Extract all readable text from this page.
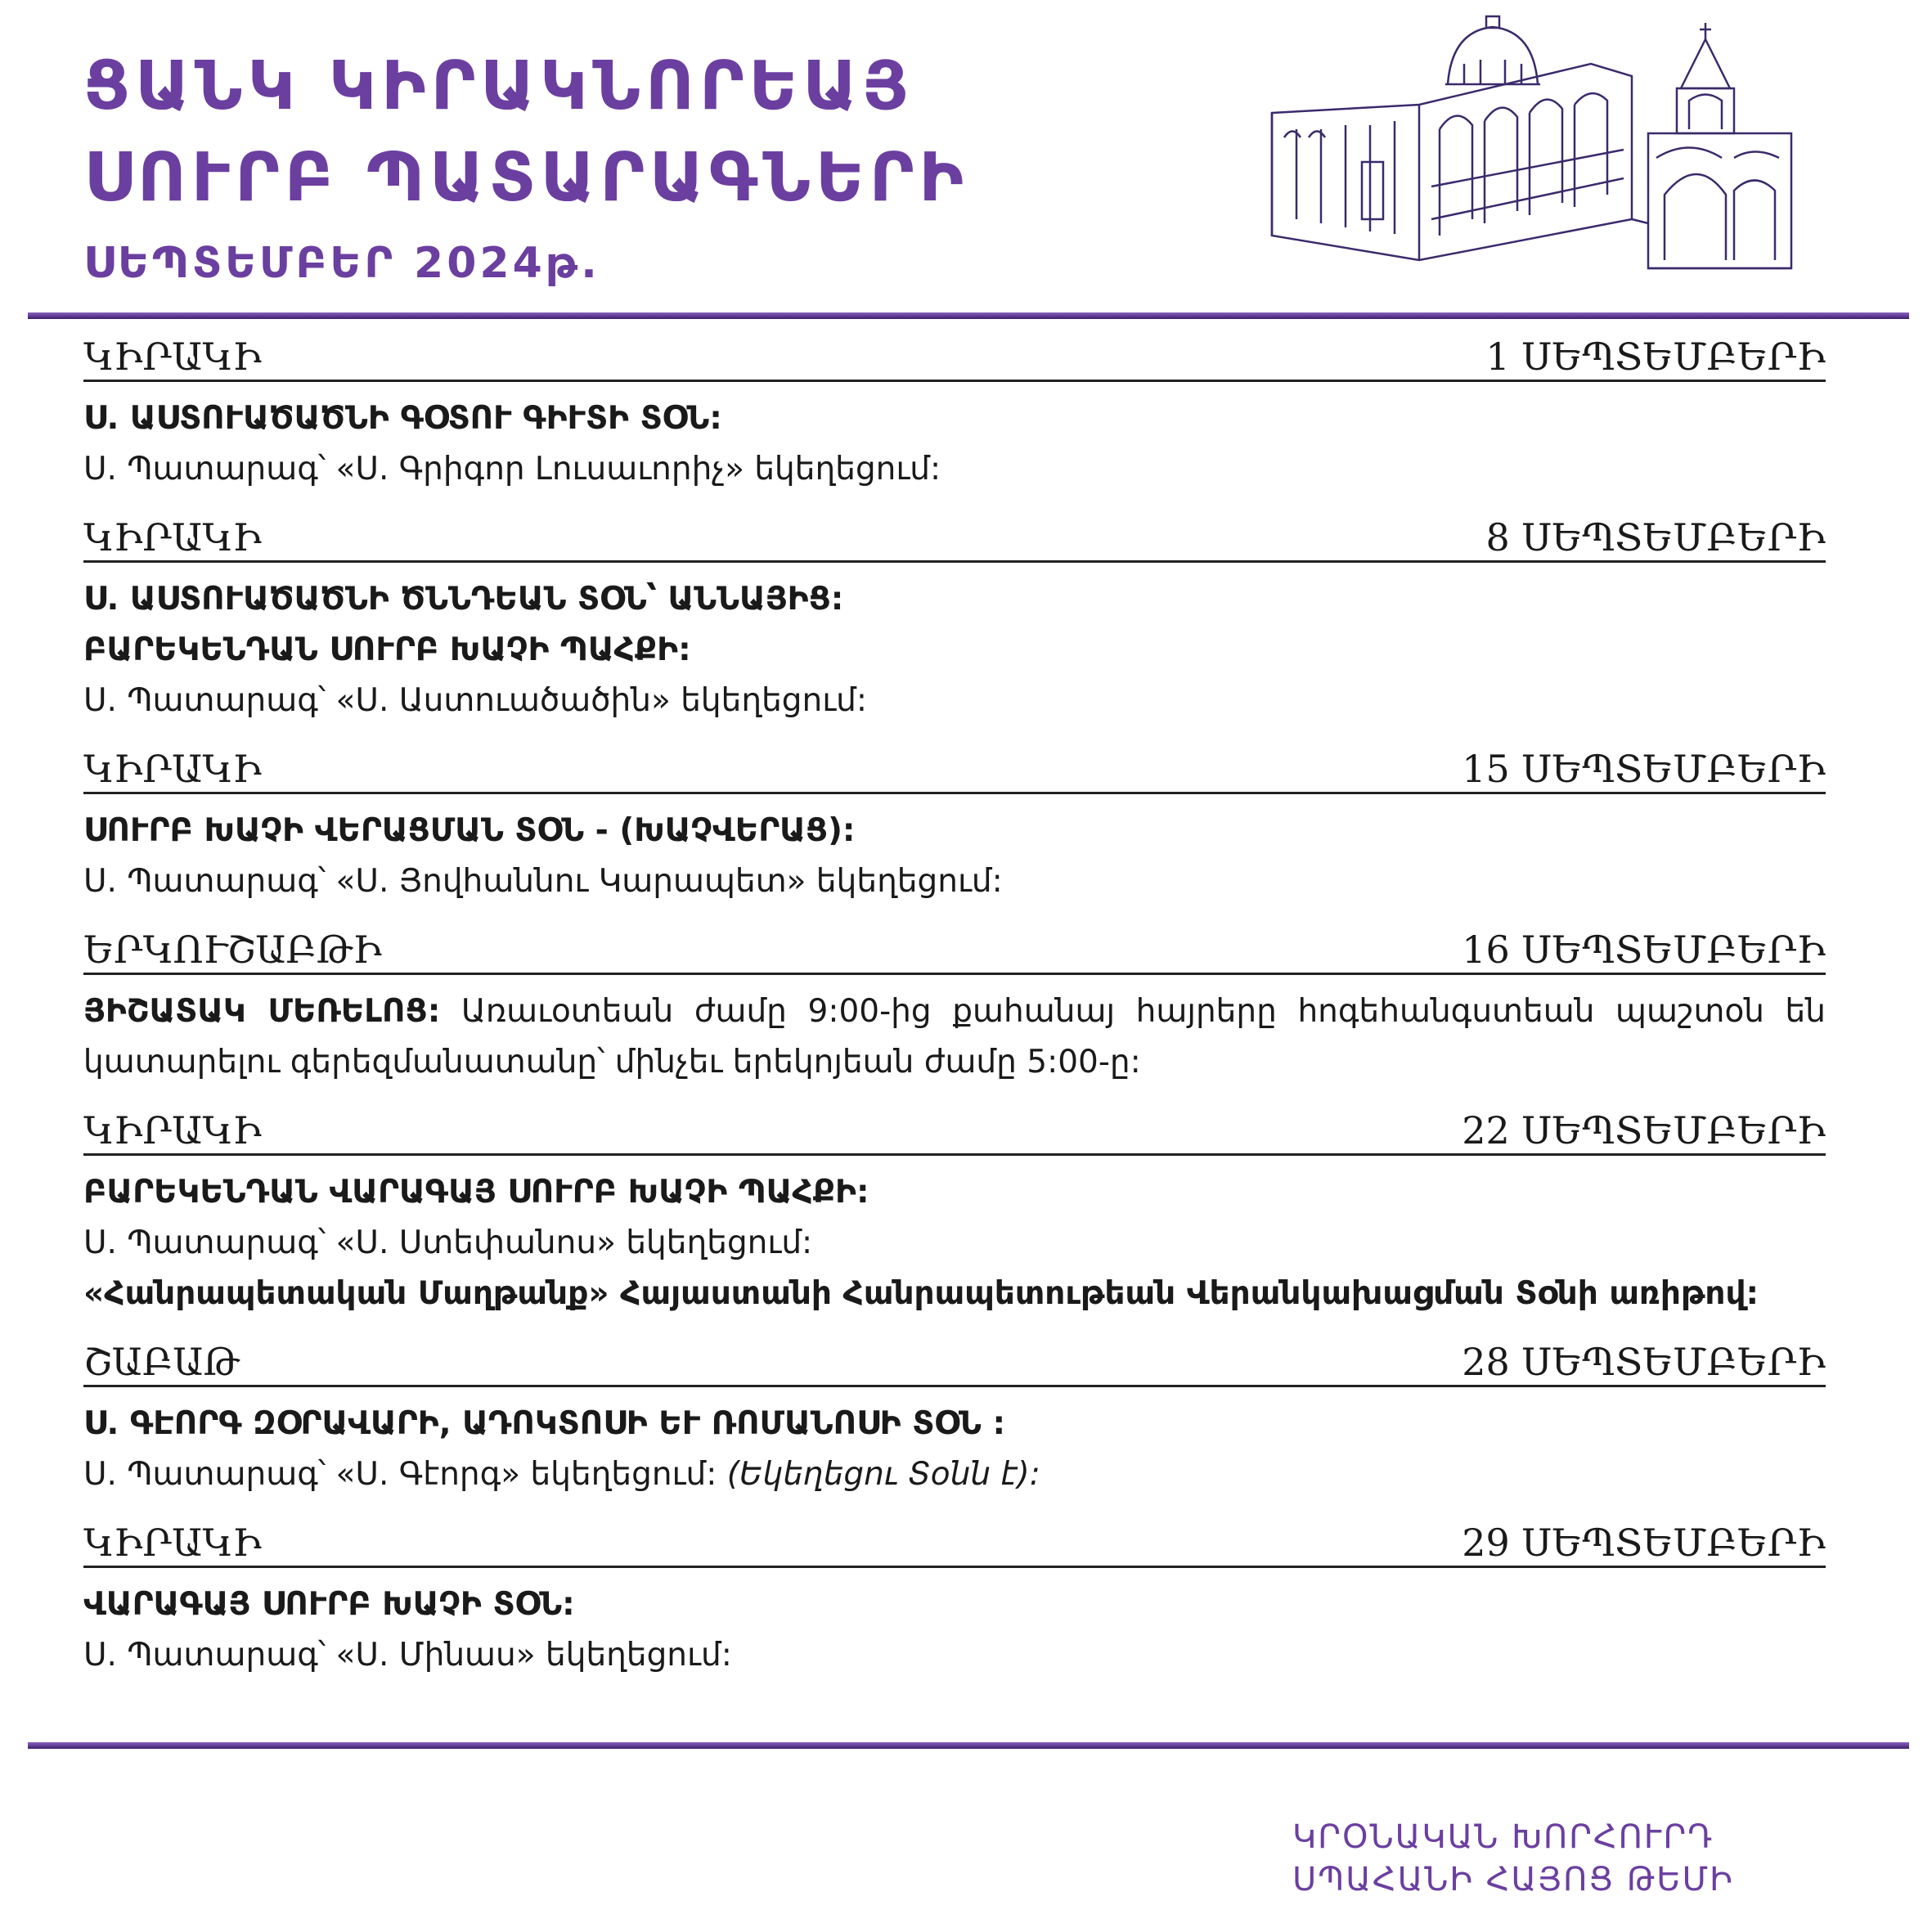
ՑԱՆԿ ԿԻՐԱԿՆՈՐԵԱՅ
ՍՈՒՐԲ ՊԱՏԱՐԱԳՆԵՐԻ
ՍԵՊՏԵՄԲԵՐ 2024թ.
ԿԻՐԱԿԻ	1 ՍԵՊՏԵՄԲԵՐԻ
Ս. ԱՍՏՈՒԱԾԱԾՆԻ ԳՕՏՈՒ ԳԻՒՏԻ ՏՕՆ:
Ս. Պատարագ՝ «Ս. Գրիգոր Լուսաւորիչ» եկեղեցում:
ԿԻՐԱԿԻ	8 ՍԵՊՏԵՄԲԵՐԻ
Ս. ԱՍՏՈՒԱԾԱԾՆԻ ԾՆՆԴԵԱՆ ՏՕՆ՝ ԱՆՆԱՅԻՑ:
ԲԱՐԵԿԵՆԴԱՆ ՍՈՒՐԲ ԽԱՉԻ ՊԱՀՔԻ:
Ս. Պատարագ՝ «Ս. Աստուածածին» եկեղեցում:
ԿԻՐԱԿԻ	15 ՍԵՊՏԵՄԲԵՐԻ
ՍՈՒՐԲ ԽԱՉԻ ՎԵՐԱՑՄԱՆ ՏՕՆ - (ԽԱՉՎԵՐԱՑ):
Ս. Պատարագ՝ «Ս. Յովհաննու Կարապետ» եկեղեցում:
ԵՐԿՈՒՇԱԲԹԻ	16 ՍԵՊՏԵՄԲԵՐԻ
ՅԻՇԱՏԱԿ ՄԵՌԵԼՈՑ: Առաւօտեան ժամը 9:00-ից քահանայ հայրերը հոգեհանգստեան պաշտօն են կատարելու գերեզմանատանը՝ մինչեւ երեկոյեան ժամը 5:00-ը:
ԿԻՐԱԿԻ	22 ՍԵՊՏԵՄԲԵՐԻ
ԲԱՐԵԿԵՆԴԱՆ ՎԱՐԱԳԱՅ ՍՈՒՐԲ ԽԱՉԻ ՊԱՀՔԻ:
Ս. Պատարագ՝ «Ս. Ստեփանոս» եկեղեցում:
«Հանրապետական Մաղթանք» Հայաստանի Հանրապետութեան Վերանկախացման Տօնի առիթով:
ՇԱԲԱԹ	28 ՍԵՊՏԵՄԲԵՐԻ
Ս. ԳԷՈՐԳ ԶՕՐԱՎԱՐԻ, ԱԴՈԿՏՈՍԻ ԵՒ ՌՈՄԱՆՈՍԻ ՏՕՆ :
Ս. Պատարագ՝ «Ս. Գէորգ» եկեղեցում: (Եկեղեցու Տօնն է):
ԿԻՐԱԿԻ	29 ՍԵՊՏԵՄԲԵՐԻ
ՎԱՐԱԳԱՅ ՍՈՒՐԲ ԽԱՉԻ ՏՕՆ:
Ս. Պատարագ՝ «Ս. Մինաս» եկեղեցում:
ԿՐՕՆԱԿԱՆ ԽՈՐՀՈՒՐԴ
ՍՊԱՀԱՆԻ ՀԱՅՈՑ ԹԵՄԻ
